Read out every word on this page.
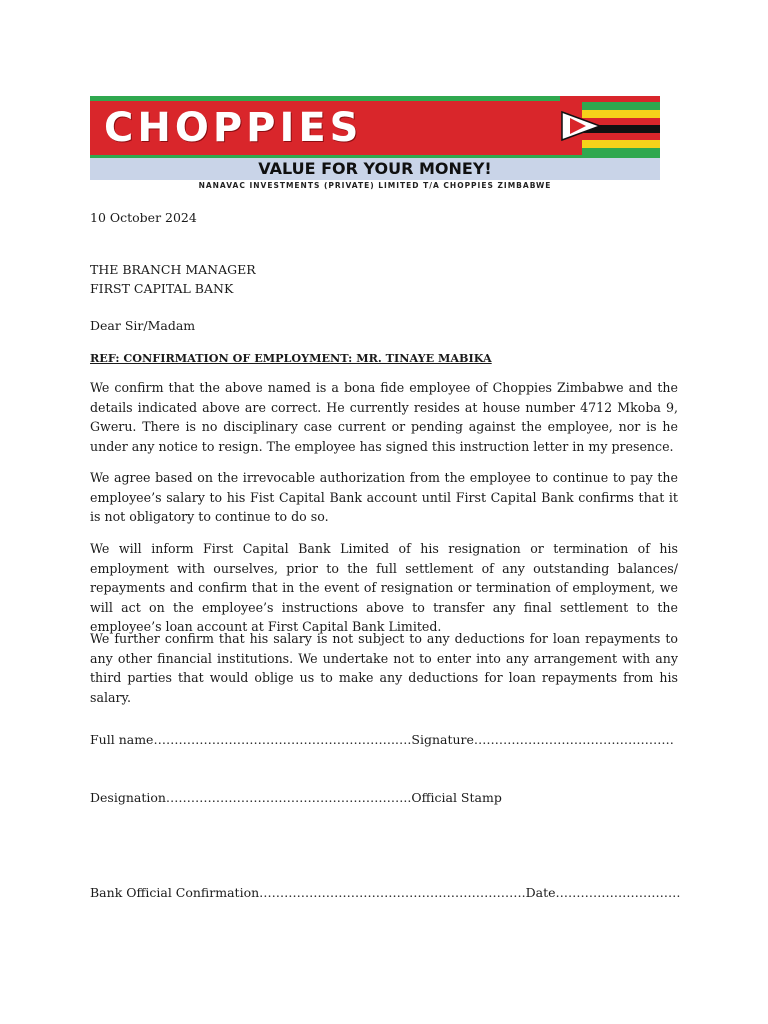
CHOPPIES
VALUE FOR YOUR MONEY!
NANAVAC INVESTMENTS (PRIVATE) LIMITED T/A CHOPPIES ZIMBABWE

10 October 2024

THE BRANCH MANAGER

FIRST CAPITAL BANK

Dear Sir/Madam

REF: CONFIRMATION OF EMPLOYMENT: MR. TINAYE MABIKA

We confirm that the above named is a bona fide employee of Choppies Zimbabwe and the details indicated above are correct. He currently resides at house number 4712 Mkoba 9, Gweru. There is no disciplinary case current or pending against the employee, nor is he under any notice to resign. The employee has signed this instruction letter in my presence.

We agree based on the irrevocable authorization from the employee to continue to pay the employee’s salary to his Fist Capital Bank account until First Capital Bank confirms that it is not obligatory to continue to do so.

We will inform First Capital Bank Limited of his resignation or termination of his employment with ourselves, prior to the full settlement of any outstanding balances/ repayments and confirm that in the event of resignation or termination of employment, we will act on the employee’s instructions above to transfer any final settlement to the employee’s loan account at First Capital Bank Limited.

We further confirm that his salary is not subject to any deductions for loan repayments to any other financial institutions. We undertake not to enter into any arrangement with any third parties that would oblige us to make any deductions for loan repayments from his salary.

Full name………………………………………………….….Signature…………………………………………

Designation…………………………………………………..Official Stamp

Bank Official Confirmation……………………………………………………….Date…………………………
